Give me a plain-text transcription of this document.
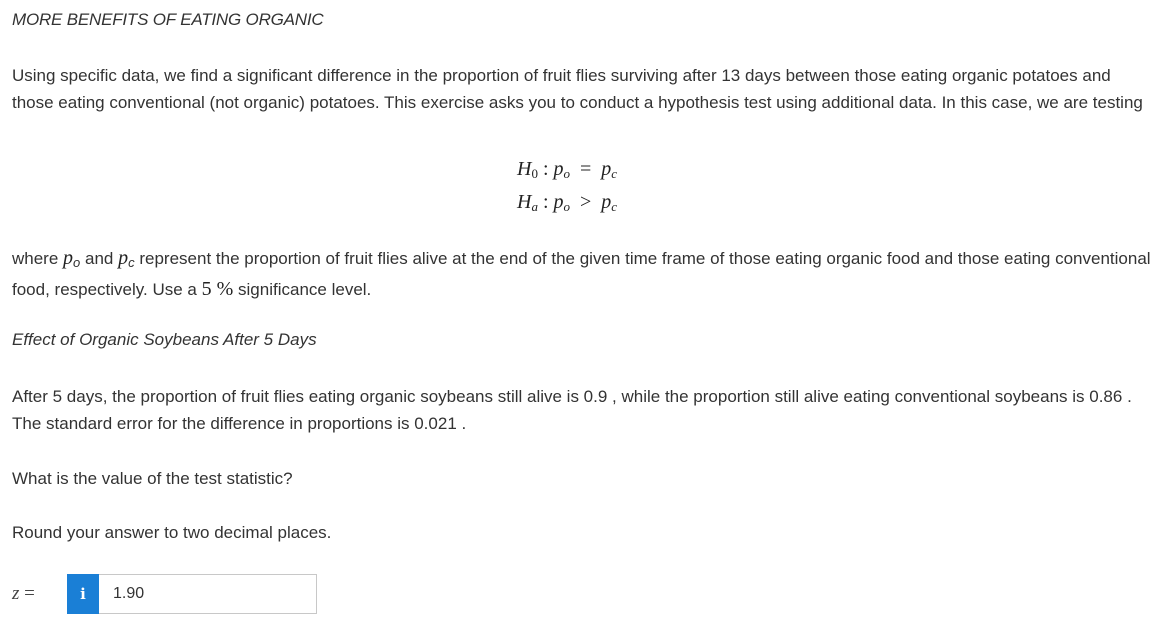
MORE BENEFITS OF EATING ORGANIC
Using specific data, we find a significant difference in the proportion of fruit flies surviving after 13 days between those eating organic potatoes and those eating conventional (not organic) potatoes. This exercise asks you to conduct a hypothesis test using additional data. In this case, we are testing
$H_0$ : $p_o = p_c$
$H_a$ : $p_o > p_c$
where $p_o$ and $p_c$ represent the proportion of fruit flies alive at the end of the given time frame of those eating organic food and those eating conventional food, respectively. Use a 5 % significance level.
Effect of Organic Soybeans After 5 Days
After 5 days, the proportion of fruit flies eating organic soybeans still alive is 0.9 , while the proportion still alive eating conventional soybeans is 0.86 . The standard error for the difference in proportions is 0.021 .
What is the value of the test statistic?
Round your answer to two decimal places.
z =	i	1.90
